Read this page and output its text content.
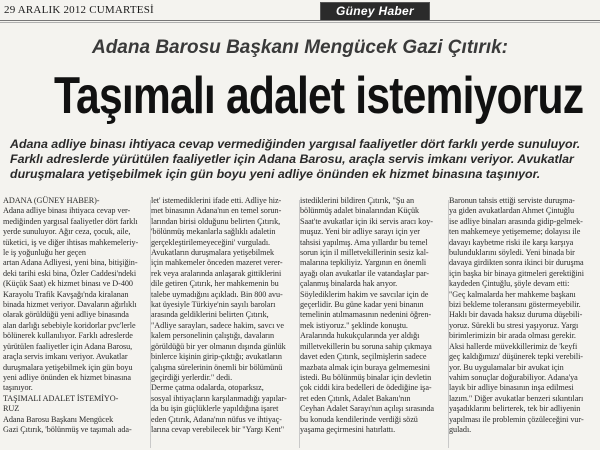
29 ARALIK 2012 CUMARTESİ	Güney Haber
Adana Barosu Başkanı Mengücek Gazi Çıtırık:
Taşımalı adalet istemiyoruz

Adana adliye binası ihtiyaca cevap vermediğinden yargısal faaliyetler dört farklı yerde sunuluyor.

Farklı adreslerde yürütülen faaliyetler için Adana Barosu, araçla servis imkanı veriyor. Avukatlar

duruşmalara yetişebilmek için gün boyu yeni adliye önünden ek hizmet binasına taşınıyor.

ADANA (GÜNEY HABER)-

Adana adliye binası ihtiyaca cevap ver-

mediğinden yargısal faaliyetler dört farklı

yerde sunuluyor. Ağır ceza, çocuk, aile,

tüketici, iş ve diğer ihtisas mahkemeleriy-

le iş yoğunluğu her geçen

artan Adana Adliyesi, yeni bina, bitişiğin-

deki tarihi eski bina, Özler Caddesi'ndeki

(Küçük Saat) ek hizmet binası ve D-400

Karayolu Trafik Kavşağı'nda kiralanan

binada hizmet veriyor. Davaların ağırlıklı

olarak görüldüğü yeni adliye binasında

alan darlığı sebebiyle koridorlar pvc'lerle

bölünerek kullanılıyor. Farklı adreslerde

yürütülen faaliyetler için Adana Barosu,

araçla servis imkanı veriyor. Avukatlar

duruşmalara yetişebilmek için gün boyu

yeni adliye önünden ek hizmet binasına

taşınıyor.

TAŞIMALI ADALET İSTEMİYO-

RUZ

Adana Barosu Başkanı Mengücek

Gazi Çıtırık, 'bölünmüş ve taşımalı ada-

let' istemediklerini ifade etti. Adliye hiz-

met binasının Adana'nın en temel sorun-

larından birisi olduğunu belirten Çıtırık,

'bölünmüş mekanlarla sağlıklı adaletin

gerçekleştirilemeyeceğini' vurguladı.

Avukatların duruşmalara yetişebilmek

için mahkemeler önceden mazeret verer-

rek veya aralarında anlaşarak gittiklerini

dile getiren Çıtırık, her mahkemenin bu

talebe uymadığını açıkladı. Bin 800 avu-

kat üyesiyle Türkiye'nin sayılı baroları

arasında geldiklerini belirten Çıtırık,

"Adliye sarayları, sadece hakim, savcı ve

kalem personelinin çalıştığı, davaların

görüldüğü bir yer olmanın dışında günlük

binlerce kişinin girip-çıktığı; avukatların

çalışma sürelerinin önemli bir bölümünü

geçirdiği yerlerdir." dedi.

Derme çatma odalarda, otoparksız,

sosyal ihtiyaçların karşılanmadığı yapılar-

da bu işin güçlüklerle yapıldığına işaret

eden Çıtırık, Adana'nın nüfus ve ihtiyaç-

larına cevap verebilecek bir "Yargı Kent"

istediklerini bildiren Çıtırık, "Şu an

bölünmüş adalet binalarından Küçük

Saat'te avukatlar için iki servis aracı koy-

muşuz. Yeni bir adliye sarayı için yer

tahsisi yapılmış. Ama yıllardır bu temel

sorun için il milletvekillerinin sesiz kal-

malarına tepkiliyiz. Yargının en önemli

ayağı olan avukatlar ile vatandaşlar par-

çalanmış binalarda hak arıyor.

Söylediklerim hakim ve savcılar için de

geçerlidir. Bu güne kadar yeni binanın

temelinin atılmamasının nedenini öğren-

mek istiyoruz." şeklinde konuştu.

Aralarında hukukçularında yer aldığı

milletvekillerin bu soruna sahip çıkmaya

davet eden Çıtırık, seçilmişlerin sadece

mazbata almak için buraya gelmemesini

istedi. Bu bölünmüş binalar için devletin

çok ciddi kira bedelleri de ödediğine işa-

ret eden Çıtırık, Adalet Bakanı'nın

Ceyhan Adalet Sarayı'nın açılışı sırasında

bu konuda kendilerinde verdiği sözü

yaşama geçirmesini hatırlattı.

Baronun tahsis ettiği serviste duruşma-

ya giden avukatlardan Ahmet Çintuğlu

ise adliye binaları arasında gidip-gelmek-

ten mahkemeye yetişememe; dolayısı ile

davayı kaybetme riski ile karşı karşıya

bulunduklarını söyledi. Yeni binada bir

davaya girdikten sonra ikinci bir duruşma

için başka bir binaya gitmeleri gerektiğini

kaydeden Çintuğlu, şöyle devam etti:

"Geç kalmalarda her mahkeme başkanı

bizi bekleme toleransını göstermeyebilir.

Haklı bir davada haksız duruma düşebili-

yoruz. Sürekli bu stresi yaşıyoruz. Yargı

birimlerimizin bir arada olması gerekir.

Aksi hallerde müvekkillerimiz de 'keyfi

geç kaldığımızı' düşünerek tepki verebili-

yor. Bu uygulamalar bir avukat için

vahim sonuçlar doğurabiliyor. Adana'ya

layık bir adliye binasının inşa edilmesi

lazım." Diğer avukatlar benzeri sıkıntıları

yaşadıklarını belirterek, tek bir adliyenin

yapılması ile problemin çözüleceğini vur-

guladı.
